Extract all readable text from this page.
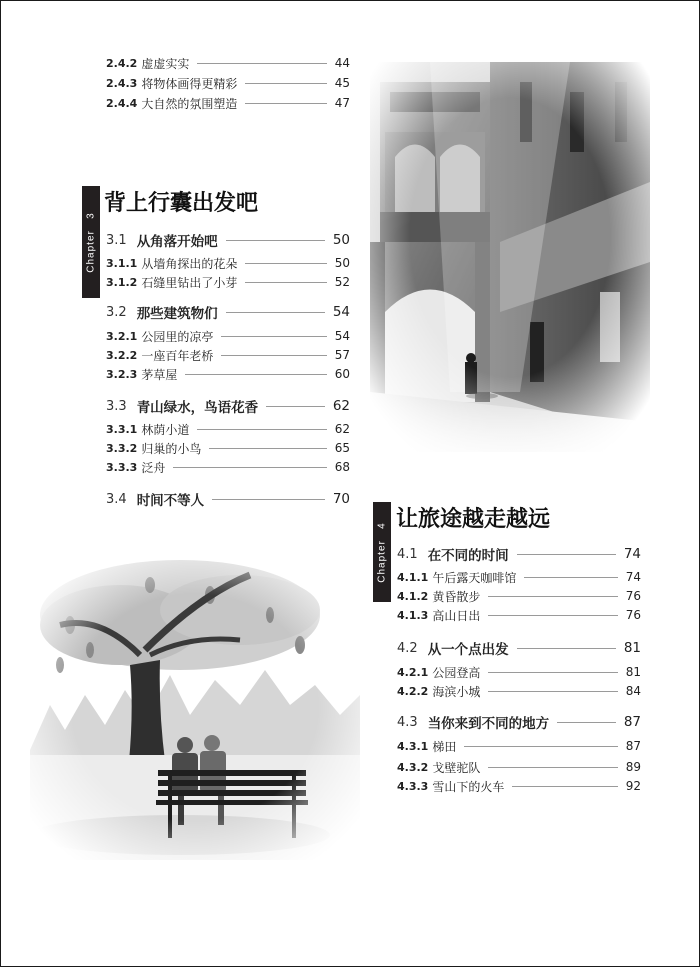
2.4.2 虚虚实实	44
2.4.3 将物体画得更精彩	45
2.4.4 大自然的氛围塑造	47
Chapter   3 背上行囊出发吧
3.1 从角落开始吧	50
3.1.1 从墙角探出的花朵	50
3.1.2 石缝里钻出了小芽	52
3.2 那些建筑物们	54
3.2.1 公园里的凉亭	54
3.2.2 一座百年老桥	57
3.2.3 茅草屋	60
3.3 青山绿水，鸟语花香	62
3.3.1 林荫小道	62
3.3.2 归巢的小鸟	65
3.3.3 泛舟	68
3.4 时间不等人	70
Chapter   4 让旅途越走越远
4.1 在不同的时间	74
4.1.1 午后露天咖啡馆	74
4.1.2 黄昏散步	76
4.1.3 高山日出	76
4.2 从一个点出发	81
4.2.1 公园登高	81
4.2.2 海滨小城	84
4.3 当你来到不同的地方	87
4.3.1 梯田	87
4.3.2 戈壁驼队	89
4.3.3 雪山下的火车	92
